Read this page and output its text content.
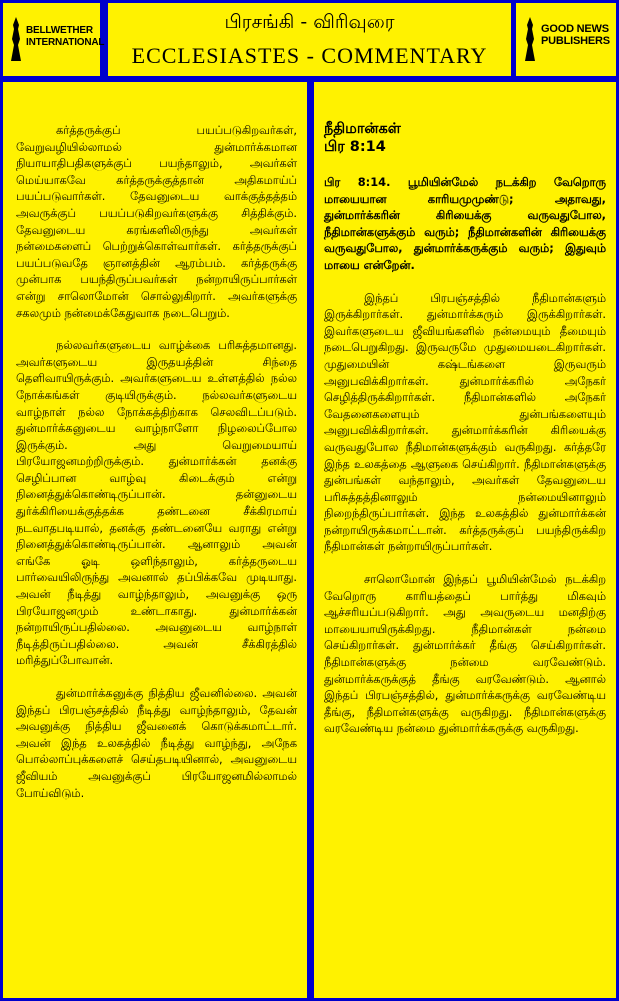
BELLWETHER INTERNATIONAL
பிரசங்கி - விரிவுரை
ECCLESIASTES - COMMENTARY
GOOD NEWS PUBLISHERS

கர்த்தருக்குப் பயப்படுகிறவர்கள், வேறுவழியில்லாமல் துன்மார்க்கமான நியாயாதிபதிகளுக்குப் பயந்தாலும், அவர்கள் மெய்யாகவே கர்த்தருக்குத்தான் அதிகமாய்ப் பயப்படுவார்கள். தேவனுடைய வாக்குத்தத்தம் அவருக்குப் பயப்படுகிறவர்களுக்கு சித்திக்கும். தேவனுடைய கரங்களிலிருந்து அவர்கள் நன்மைகளைப் பெற்றுக்கொள்வார்கள். கர்த்தருக்குப் பயப்படுவதே ஞானத்தின் ஆரம்பம். கர்த்தருக்கு முன்பாக பயந்திருப்பவர்கள் நன்றாயிருப்பார்கள் என்று சாலொமோன் சொல்லுகிறார். அவர்களுக்கு சகலமும் நன்மைக்கேதுவாக நடைபெறும்.

நல்லவர்களுடைய வாழ்க்கை பரிசுத்தமானது. அவர்களுடைய இருதயத்தின் சிந்தை தெளிவாயிருக்கும். அவர்களுடைய உள்ளத்தில் நல்ல நோக்கங்கள் குடியிருக்கும். நல்லவர்களுடைய வாழ்நாள் நல்ல நோக்கத்திற்காக செலவிடப்படும். துன்மார்க்கனுடைய வாழ்நாளோ நிழலைப்போல இருக்கும். அது வெறுமையாய் பிரயோஜனமற்றிருக்கும். துன்மார்க்கன் தனக்கு செழிப்பான வாழ்வு கிடைக்கும் என்று நினைத்துக்கொண்டிருப்பான். தன்னுடைய துர்க்கிரியைக்குத்தக்க தண்டனை சீக்கிரமாய் நடவாதபடியால், தனக்கு தண்டனையே வராது என்று நினைத்துக்கொண்டிருப்பான். ஆனாலும் அவன் எங்கே ஓடி ஒளிந்தாலும், கர்த்தருடைய பார்வையிலிருந்து அவனால் தப்பிக்கவே முடியாது. அவன் நீடித்து வாழ்ந்தாலும், அவனுக்கு ஒரு பிரயோஜனமும் உண்டாகாது. துன்மார்க்கன் நன்றாயிருப்பதில்லை. அவனுடைய வாழ்நாள் நீடித்திருப்பதில்லை. அவன் சீக்கிரத்தில் மரித்துப்போவான்.

துன்மார்க்கனுக்கு நித்திய ஜீவனில்லை. அவன் இந்தப் பிரபஞ்சத்தில் நீடித்து வாழ்ந்தாலும், தேவன் அவனுக்கு நித்திய ஜீவனைக் கொடுக்கமாட்டார். அவன் இந்த உலகத்தில் நீடித்து வாழ்ந்து, அநேக பொல்லாப்புக்களைச் செய்தபடியினால், அவனுடைய ஜீவியம் அவனுக்குப் பிரயோஜனமில்லாமல் போய்விடும்.

நீதிமான்கள்
பிர 8:14
பிர 8:14. பூமியின்மேல் நடக்கிற வேறொரு மாயையான காரியமுமுண்டு; அதாவது, துன்மார்க்கரின் கிரியைக்கு வருவதுபோல, நீதிமான்களுக்கும் வரும்; நீதிமான்களின் கிரியைக்கு வருவதுபோல, துன்மார்க்கருக்கும் வரும்; இதுவும் மாயை என்றேன்.

இந்தப் பிரபஞ்சத்தில் நீதிமான்களும் இருக்கிறார்கள். துன்மார்க்கரும் இருக்கிறார்கள். இவர்களுடைய ஜீவியங்களில் நன்மையும் தீமையும் நடைபெறுகிறது. இருவருமே முதுமையடைகிறார்கள். முதுமையின் கஷ்டங்களை இருவரும் அனுபவிக்கிறார்கள். துன்மார்க்கரில் அநேகர் செழித்திருக்கிறார்கள். நீதிமான்களில் அநேகர் வேதனைகளையும் துன்பங்களையும் அனுபவிக்கிறார்கள். துன்மார்க்கரின் கிரியைக்கு வருவதுபோல நீதிமான்களுக்கும் வருகிறது. கர்த்தரே இந்த உலகத்தை ஆளுகை செய்கிறார். நீதிமான்களுக்கு துன்பங்கள் வந்தாலும், அவர்கள் தேவனுடைய பரிசுத்தத்தினாலும் நன்மையினாலும் நிறைந்திருப்பார்கள். இந்த உலகத்தில் துன்மார்க்கன் நன்றாயிருக்கமாட்டான். கர்த்தருக்குப் பயந்திருக்கிற நீதிமான்கள் நன்றாயிருப்பார்கள்.

சாலொமோன் இந்தப் பூமியின்மேல் நடக்கிற வேறொரு காரியத்தைப் பார்த்து மிகவும் ஆச்சரியப்படுகிறார். அது அவருடைய மனதிற்கு மாயையாயிருக்கிறது. நீதிமான்கள் நன்மை செய்கிறார்கள். துன்மார்க்கர் தீங்கு செய்கிறார்கள். நீதிமான்களுக்கு நன்மை வரவேண்டும். துன்மார்க்கருக்குத் தீங்கு வரவேண்டும். ஆனால் இந்தப் பிரபஞ்சத்தில், துன்மார்க்கருக்கு வரவேண்டிய தீங்கு, நீதிமான்களுக்கு வருகிறது. நீதிமான்களுக்கு வரவேண்டிய நன்மை துன்மார்க்கருக்கு வருகிறது.
